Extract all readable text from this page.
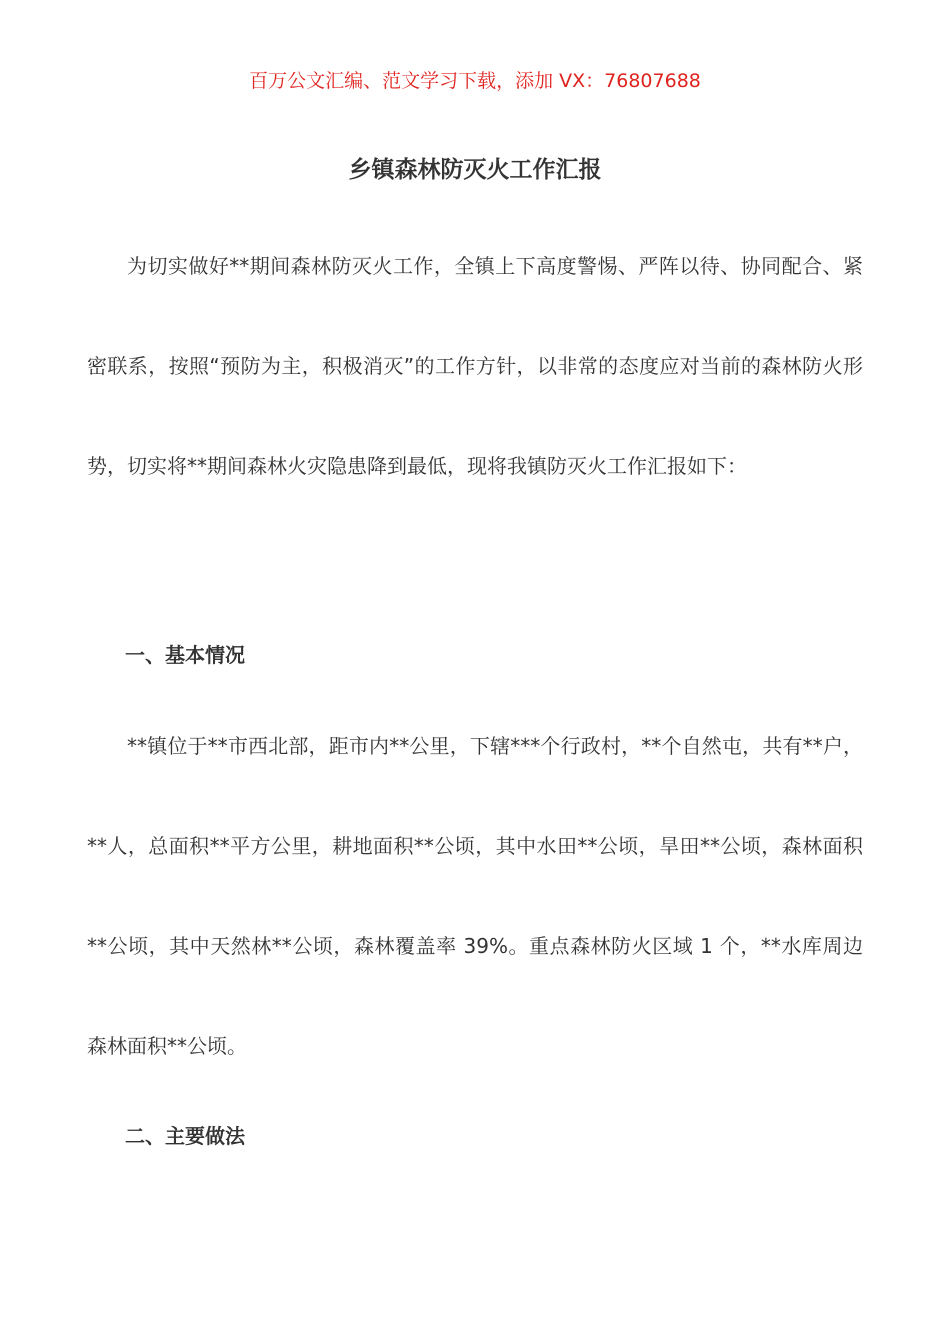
百万公文汇编、范文学习下载，添加 VX：76807688
乡镇森林防灭火工作汇报

为切实做好**期间森林防灭火工作，全镇上下高度警惕、严阵以待、协同配合、紧密联系，按照“预防为主，积极消灭”的工作方针，以非常的态度应对当前的森林防火形势，切实将**期间森林火灾隐患降到最低，现将我镇防灭火工作汇报如下：

一、基本情况

**镇位于**市西北部，距市内**公里，下辖***个行政村，**个自然屯，共有**户，**人，总面积**平方公里，耕地面积**公顷，其中水田**公顷，旱田**公顷，森林面积**公顷，其中天然林**公顷，森林覆盖率 39%。重点森林防火区域 1 个，**水库周边森林面积**公顷。

二、主要做法
